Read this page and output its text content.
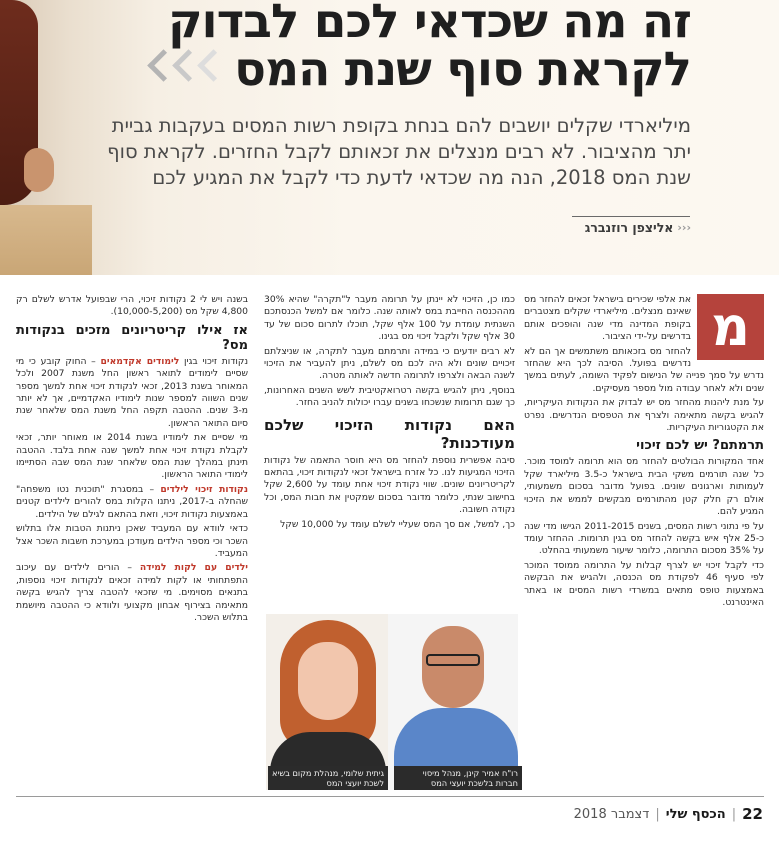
זה מה שכדאי לכם לבדוק
לקראת סוף שנת המס

מיליארדי שקלים יושבים להם בנחת בקופת רשות המסים בעקבות גביית יתר מהציבור. לא רבים מנצלים את זכאותם לקבל החזרים. לקראת סוף שנת המס 2018, הנה מה שכדאי לדעת כדי לקבל את המגיע לכם

‹‹‹
אליצפן רוזנברג
מ

את אלפי שכירים בישראל זכאים להחזר מס שאינם מנצלים. מיליארדי שקלים מצטברים בקופת המדינה מדי שנה והופכים אותם בדרשים על-ידי הציבור.

להחזר מס בזכאותם משתמשים אך הם לא נדרשים בפועל. הסיבה לכך היא שהחזר נדרש על סמך פנייה של הנישום לפקיד השומה, לעתים במשך שנים ולא לאחר עבודה מול מספר מעסיקים.

על מנת ליהנות מהחזר מס יש לבדוק את הנקודות העיקריות, להגיש בקשה מתאימה ולצרף את הטפסים הנדרשים. נפרט את הקטגוריות העיקריות.

תרמתם? יש לכם זיכוי

אחד המקורות הבולטים להחזר מס הוא תרומה למוסד מוכר. כל שנה תורמים משקי הבית בישראל כ-3.5 מיליארד שקל לעמותות וארגונים שונים. בפועל מדובר בסכום משמעותי, אולם רק חלק קטן מהתורמים מבקשים לממש את הזיכוי המגיע להם.

על פי נתוני רשות המסים, בשנים 2011-2015 הגישו מדי שנה כ-25 אלף איש בקשה להחזר מס בגין תרומות. ההחזר עומד על 35% מסכום התרומה, כלומר שיעור משמעותי בהחלט.

כדי לקבל זיכוי יש לצרף קבלות על התרומה ממוסד המוכר לפי סעיף 46 לפקודת מס הכנסה, ולהגיש את הבקשה באמצעות טופס מתאים במשרדי רשות המסים או באתר האינטרנט.

כמו כן, הזיכוי לא יינתן על תרומה מעבר ל"תקרה" שהיא 30% מההכנסה החייבת במס לאותה שנה. כלומר אם למשל הכנסתכם השנתית עומדת על 100 אלף שקל, תוכלו לתרום סכום של עד 30 אלף שקל ולקבל זיכוי מס בגינו.

לא רבים יודעים כי במידה ותרמתם מעבר לתקרה, או שניצלתם זיכויים שונים ולא היה לכם מס לשלם, ניתן להעביר את הזיכוי לשנה הבאה ולצרפו לתרומה חדשה לאותה מטרה.

בנוסף, ניתן להגיש בקשה רטרואקטיבית לשש השנים האחרונות, כך שגם תרומות שנשכחו בשנים עברו יכולות להניב החזר.

האם נקודות הזיכוי שלכם מעודכנות?

סיבה אפשרית נוספת להחזר מס היא חוסר התאמה של נקודות הזיכוי המגיעות לנו. כל אזרח בישראל זכאי לנקודות זיכוי, בהתאם לקריטריונים שונים. שווי נקודת זיכוי אחת עומד על 2,600 שקל בחישוב שנתי, כלומר מדובר בסכום שמקטין את חבות המס, וכל נקודה חשובה.

כך, למשל, אם סך המס שעליי לשלם עומד על 10,000 שקל

בשנה ויש לי 2 נקודות זיכוי, הרי שבפועל אדרש לשלם רק 4,800 שקל מס (10,000-5,200).

אז אילו קריטריונים מזכים בנקודות מס?

נקודות זיכוי בגין לימודים אקדמאים – החוק קובע כי מי שסיים לימודים לתואר ראשון החל משנת 2007 ולכל המאוחר בשנת 2013, זכאי לנקודת זיכוי אחת למשך מספר שנים השווה למספר שנות לימודיו האקדמיים, אך לא יותר מ-3 שנים. ההטבה תקפה החל משנת המס שלאחר שנת סיום התואר הראשון.

מי שסיים את לימודיו בשנת 2014 או מאוחר יותר, זכאי לקבלת נקודת זיכוי אחת למשך שנה אחת בלבד. ההטבה תינתן במהלך שנת המס שלאחר שנת המס שבה הסתיימו לימודי התואר הראשון.

נקודות זיכוי לילדים – במסגרת "תוכנית נטו משפחה" שהחלה ב-2017, ניתנו הקלות במס להורים לילדים קטנים באמצעות נקודות זיכוי, וזאת בהתאם לגילם של הילדים.

כדאי לוודא עם המעביד שאכן ניתנות הטבות אלו בתלוש השכר וכי מספר הילדים מעודכן במערכת חשבות השכר אצל המעביד.

ילדים עם לקות למידה – הורים לילדים עם עיכוב התפתחותי או לקות למידה זכאים לנקודות זיכוי נוספות, בתנאים מסוימים. מי שזכאי להטבה צריך להגיש בקשה מתאימה בצירוף אבחון מקצועי ולוודא כי ההטבה מיושמת בתלוש השכר.

גיתית שלומי, מנהלת מקום בשיא לשכת יועצי המס
רו"ח אמיר קינן, מנהל מיסוי חברות בלשכת יועצי המס
22
|
הכסף שלי
|
דצמבר 2018
